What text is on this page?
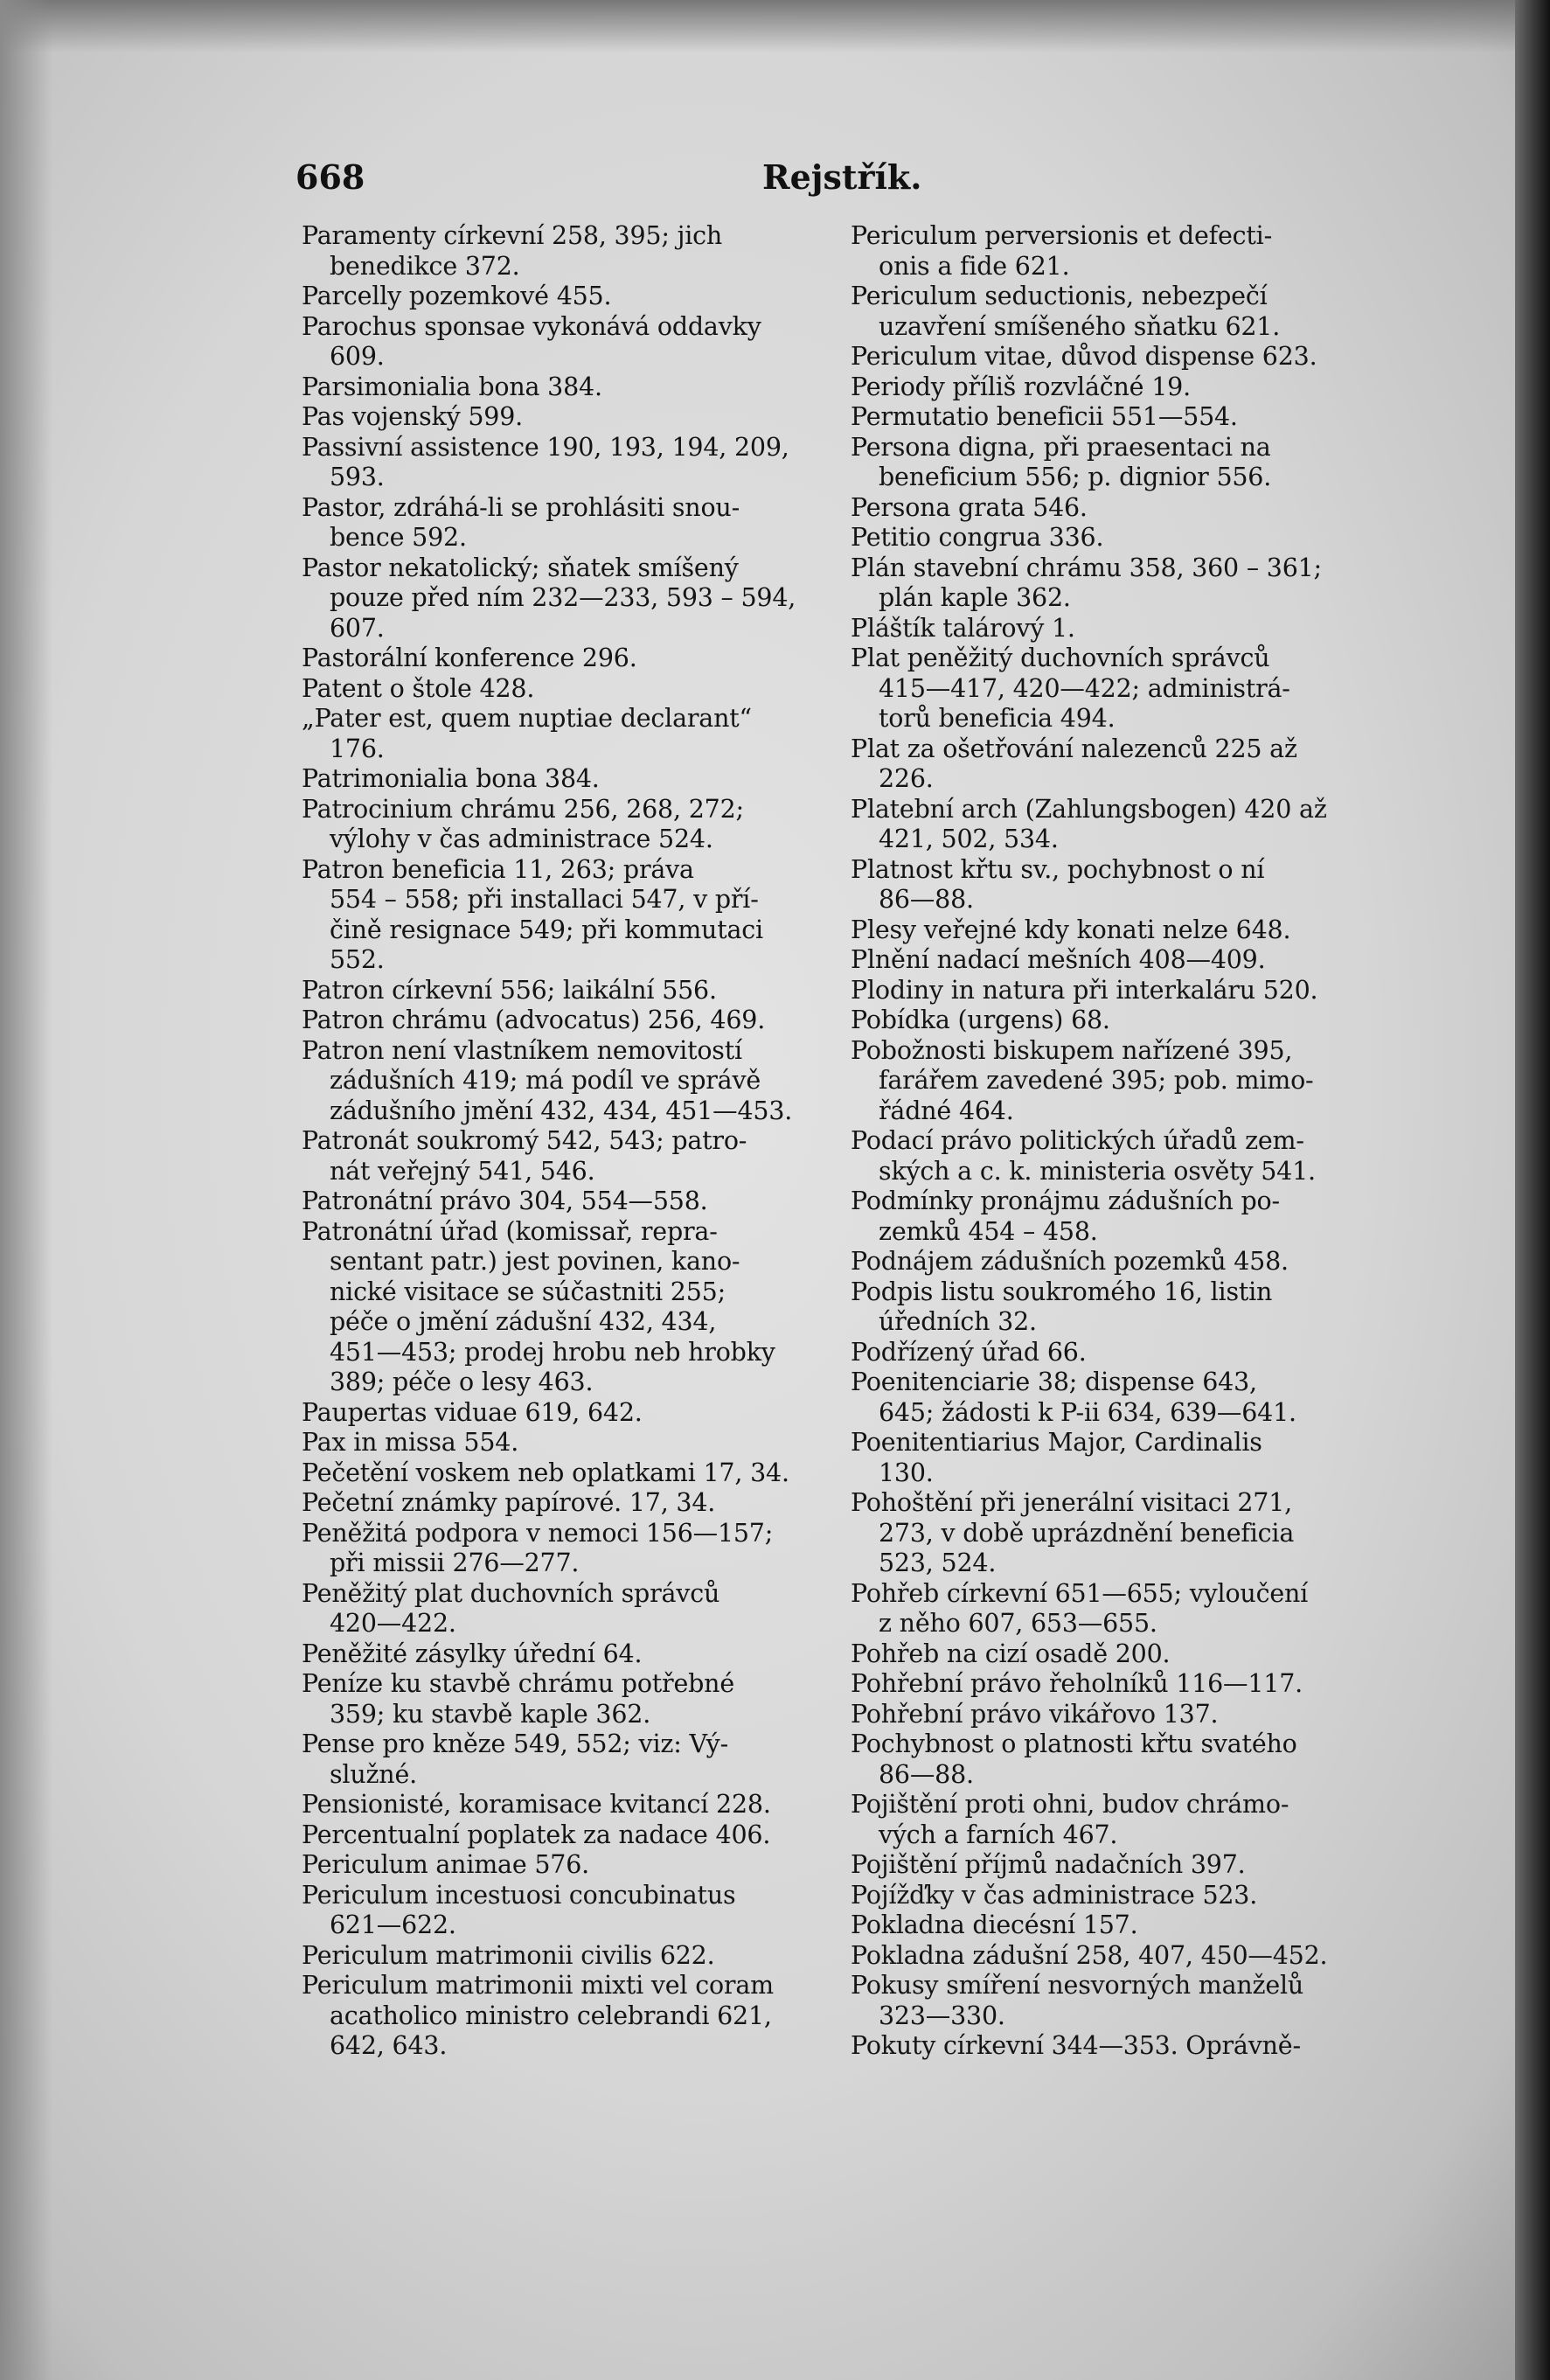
668	Rejstřík.
Paramenty církevní 258, 395; jich
benedikce 372.
Parcelly pozemkové 455.
Parochus sponsae vykonává oddavky
609.
Parsimonialia bona 384.
Pas vojenský 599.
Passivní assistence 190, 193, 194, 209,
593.
Pastor, zdráhá-li se prohlásiti snou-
bence 592.
Pastor nekatolický; sňatek smíšený
pouze před ním 232—233, 593 – 594,
607.
Pastorální konference 296.
Patent o štole 428.
„Pater est, quem nuptiae declarant“
176.
Patrimonialia bona 384.
Patrocinium chrámu 256, 268, 272;
výlohy v čas administrace 524.
Patron beneficia 11, 263; práva
554 – 558; při installaci 547, v pří-
čině resignace 549; při kommutaci
552.
Patron církevní 556; laikální 556.
Patron chrámu (advocatus) 256, 469.
Patron není vlastníkem nemovitostí
zádušních 419; má podíl ve správě
zádušního jmění 432, 434, 451—453.
Patronát soukromý 542, 543; patro-
nát veřejný 541, 546.
Patronátní právo 304, 554—558.
Patronátní úřad (komissař, repra-
sentant patr.) jest povinen, kano-
nické visitace se súčastniti 255;
péče o jmění zádušní 432, 434,
451—453; prodej hrobu neb hrobky
389; péče o lesy 463.
Paupertas viduae 619, 642.
Pax in missa 554.
Pečetění voskem neb oplatkami 17, 34.
Pečetní známky papírové. 17, 34.
Peněžitá podpora v nemoci 156—157;
při missii 276—277.
Peněžitý plat duchovních správců
420—422.
Peněžité zásylky úřední 64.
Peníze ku stavbě chrámu potřebné
359; ku stavbě kaple 362.
Pense pro kněze 549, 552; viz: Vý-
služné.
Pensionisté, koramisace kvitancí 228.
Percentualní poplatek za nadace 406.
Periculum animae 576.
Periculum incestuosi concubinatus
621—622.
Periculum matrimonii civilis 622.
Periculum matrimonii mixti vel coram
acatholico ministro celebrandi 621,
642, 643.
Periculum perversionis et defecti-
onis a fide 621.
Periculum seductionis, nebezpečí
uzavření smíšeného sňatku 621.
Periculum vitae, důvod dispense 623.
Periody příliš rozvláčné 19.
Permutatio beneficii 551—554.
Persona digna, při praesentaci na
beneficium 556; p. dignior 556.
Persona grata 546.
Petitio congrua 336.
Plán stavební chrámu 358, 360 – 361;
plán kaple 362.
Pláštík talárový 1.
Plat peněžitý duchovních správců
415—417, 420—422; administrá-
torů beneficia 494.
Plat za ošetřování nalezenců 225 až
226.
Platební arch (Zahlungsbogen) 420 až
421, 502, 534.
Platnost křtu sv., pochybnost o ní
86—88.
Plesy veřejné kdy konati nelze 648.
Plnění nadací mešních 408—409.
Plodiny in natura při interkaláru 520.
Pobídka (urgens) 68.
Pobožnosti biskupem nařízené 395,
farářem zavedené 395; pob. mimo-
řádné 464.
Podací právo politických úřadů zem-
ských a c. k. ministeria osvěty 541.
Podmínky pronájmu zádušních po-
zemků 454 – 458.
Podnájem zádušních pozemků 458.
Podpis listu soukromého 16, listin
úředních 32.
Podřízený úřad 66.
Poenitenciarie 38; dispense 643,
645; žádosti k P-ii 634, 639—641.
Poenitentiarius Major, Cardinalis
130.
Pohoštění při jenerální visitaci 271,
273, v době uprázdnění beneficia
523, 524.
Pohřeb církevní 651—655; vyloučení
z něho 607, 653—655.
Pohřeb na cizí osadě 200.
Pohřební právo řeholníků 116—117.
Pohřební právo vikářovo 137.
Pochybnost o platnosti křtu svatého
86—88.
Pojištění proti ohni, budov chrámo-
vých a farních 467.
Pojištění příjmů nadačních 397.
Pojížďky v čas administrace 523.
Pokladna diecésní 157.
Pokladna zádušní 258, 407, 450—452.
Pokusy smíření nesvorných manželů
323—330.
Pokuty církevní 344—353. Oprávně-
